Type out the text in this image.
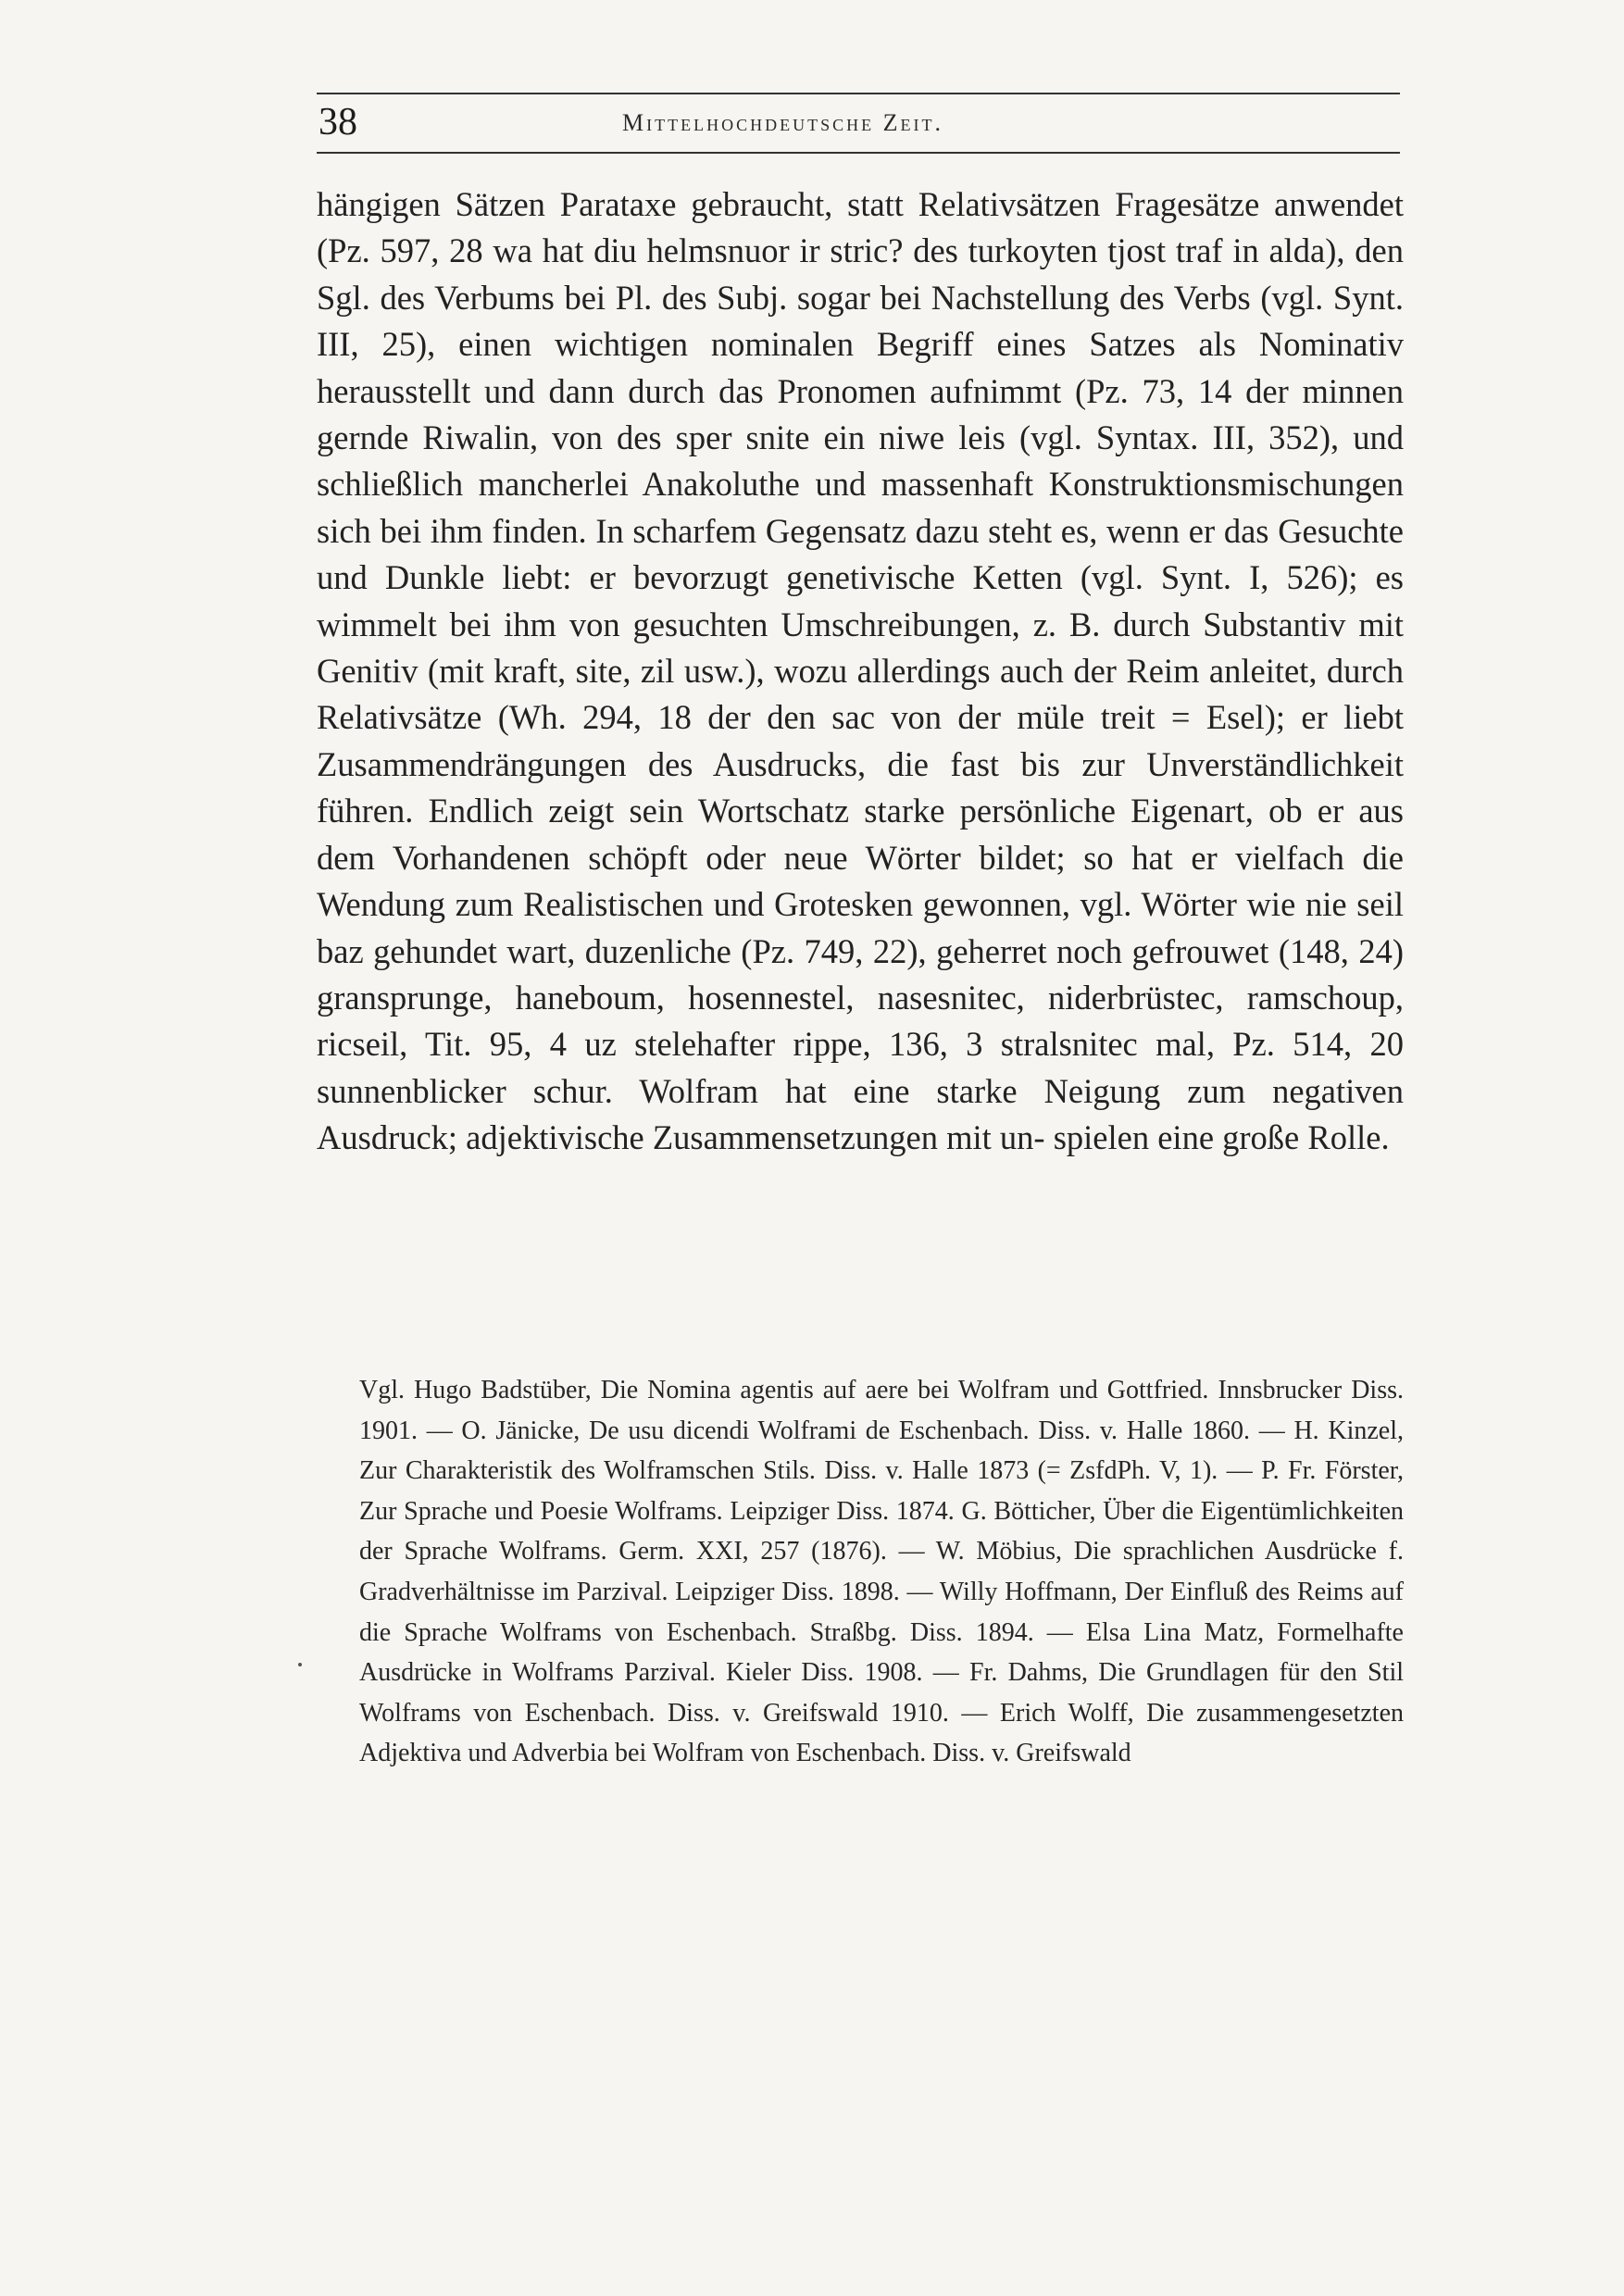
38	Mittelhochdeutsche Zeit.

hängigen Sätzen Parataxe gebraucht, statt Relativsätzen Fragesätze anwendet (Pz. 597, 28 wa hat diu helmsnuor ir stric? des turkoyten tjost traf in alda), den Sgl. des Verbums bei Pl. des Subj. sogar bei Nachstellung des Verbs (vgl. Synt. III, 25), einen wichtigen nominalen Begriff eines Satzes als Nominativ herausstellt und dann durch das Pronomen aufnimmt (Pz. 73, 14 der minnen gernde Riwalin, von des sper snite ein niwe leis (vgl. Syntax. III, 352), und schließlich mancherlei Anakoluthe und massenhaft Konstruktionsmischungen sich bei ihm finden. In scharfem Gegensatz dazu steht es, wenn er das Gesuchte und Dunkle liebt: er bevorzugt genetivische Ketten (vgl. Synt. I, 526); es wimmelt bei ihm von gesuchten Umschreibungen, z. B. durch Substantiv mit Genitiv (mit kraft, site, zil usw.), wozu allerdings auch der Reim anleitet, durch Relativsätze (Wh. 294, 18 der den sac von der müle treit = Esel); er liebt Zusammendrängungen des Ausdrucks, die fast bis zur Unverständlichkeit führen. Endlich zeigt sein Wortschatz starke persönliche Eigenart, ob er aus dem Vorhandenen schöpft oder neue Wörter bildet; so hat er vielfach die Wendung zum Realistischen und Grotesken gewonnen, vgl. Wörter wie nie seil baz gehundet wart, duzenliche (Pz. 749, 22), geherret noch gefrouwet (148, 24) gransprunge, haneboum, hosennestel, nasesnitec, niderbrüstec, ramschoup, ricseil, Tit. 95, 4 uz stelehafter rippe, 136, 3 stralsnitec mal, Pz. 514, 20 sunnenblicker schur. Wolfram hat eine starke Neigung zum negativen Ausdruck; adjektivische Zusammensetzungen mit un- spielen eine große Rolle.

Vgl. Hugo Badstüber, Die Nomina agentis auf aere bei Wolfram und Gottfried. Innsbrucker Diss. 1901. — O. Jänicke, De usu dicendi Wolframi de Eschenbach. Diss. v. Halle 1860. — H. Kinzel, Zur Charakteristik des Wolframschen Stils. Diss. v. Halle 1873 (= ZsfdPh. V, 1). — P. Fr. Förster, Zur Sprache und Poesie Wolframs. Leipziger Diss. 1874. G. Bötticher, Über die Eigentümlichkeiten der Sprache Wolframs. Germ. XXI, 257 (1876). — W. Möbius, Die sprachlichen Ausdrücke f. Gradverhältnisse im Parzival. Leipziger Diss. 1898. — Willy Hoffmann, Der Einfluß des Reims auf die Sprache Wolframs von Eschenbach. Straßbg. Diss. 1894. — Elsa Lina Matz, Formelhafte Ausdrücke in Wolframs Parzival. Kieler Diss. 1908. — Fr. Dahms, Die Grundlagen für den Stil Wolframs von Eschenbach. Diss. v. Greifswald 1910. — Erich Wolff, Die zusammengesetzten Adjektiva und Adverbia bei Wolfram von Eschenbach. Diss. v. Greifswald
